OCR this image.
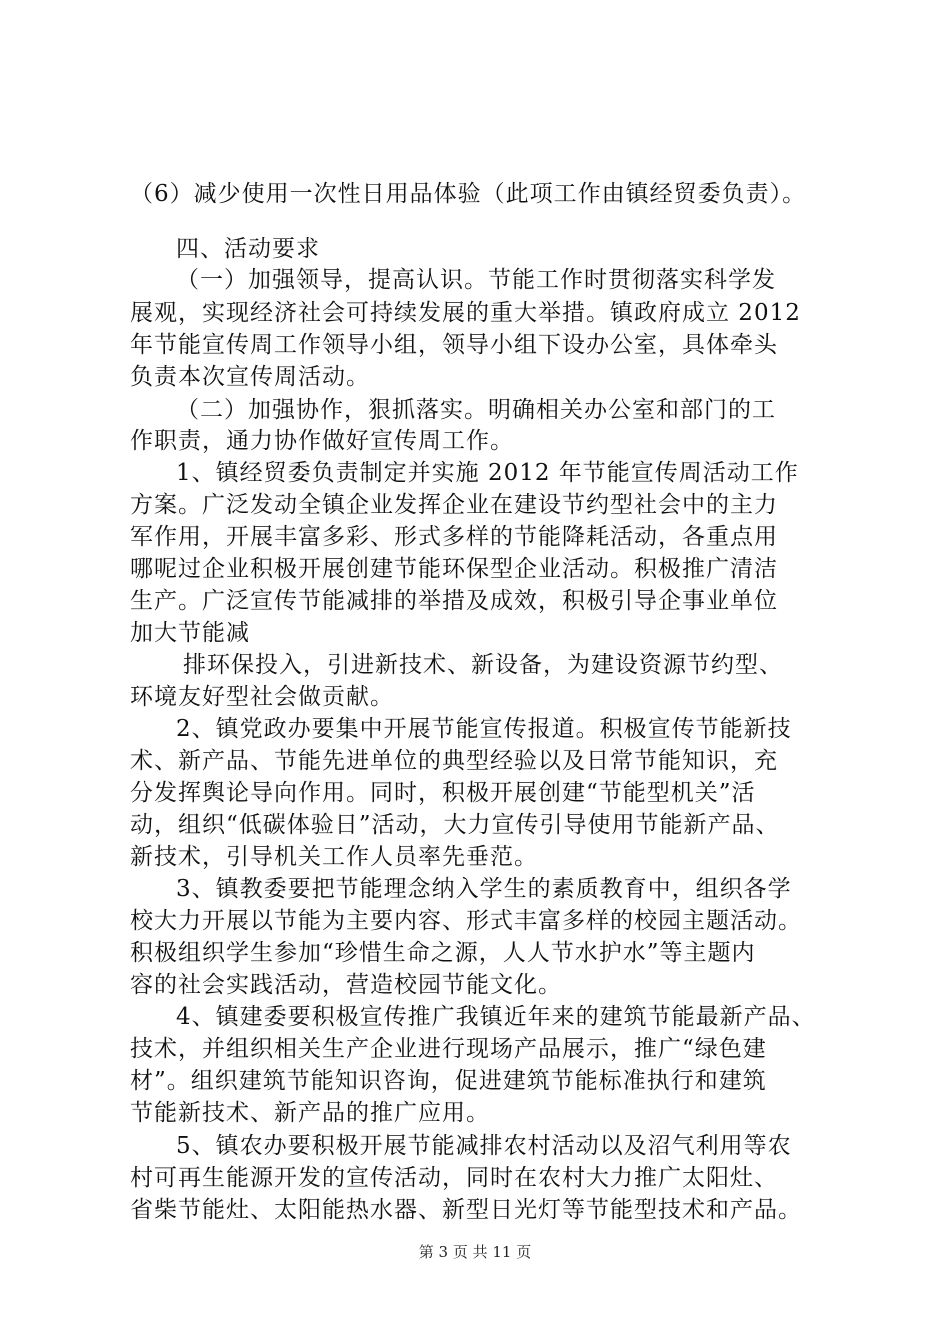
（6）减少使用一次性日用品体验（此项工作由镇经贸委负责）。
四、活动要求
（一）加强领导，提高认识。节能工作时贯彻落实科学发
展观，实现经济社会可持续发展的重大举措。镇政府成立 2012
年节能宣传周工作领导小组，领导小组下设办公室，具体牵头
负责本次宣传周活动。
（二）加强协作，狠抓落实。明确相关办公室和部门的工
作职责，通力协作做好宣传周工作。
1、镇经贸委负责制定并实施 2012 年节能宣传周活动工作
方案。广泛发动全镇企业发挥企业在建设节约型社会中的主力
军作用，开展丰富多彩、形式多样的节能降耗活动，各重点用
哪呢过企业积极开展创建节能环保型企业活动。积极推广清洁
生产。广泛宣传节能减排的举措及成效，积极引导企事业单位
加大节能减
排环保投入，引进新技术、新设备，为建设资源节约型、
环境友好型社会做贡献。
2、镇党政办要集中开展节能宣传报道。积极宣传节能新技
术、新产品、节能先进单位的典型经验以及日常节能知识，充
分发挥舆论导向作用。同时，积极开展创建“节能型机关”活
动，组织“低碳体验日”活动，大力宣传引导使用节能新产品、
新技术，引导机关工作人员率先垂范。
3、镇教委要把节能理念纳入学生的素质教育中，组织各学
校大力开展以节能为主要内容、形式丰富多样的校园主题活动。
积极组织学生参加“珍惜生命之源，人人节水护水”等主题内
容的社会实践活动，营造校园节能文化。
4、镇建委要积极宣传推广我镇近年来的建筑节能最新产品、
技术，并组织相关生产企业进行现场产品展示，推广“绿色建
材”。组织建筑节能知识咨询，促进建筑节能标准执行和建筑
节能新技术、新产品的推广应用。
5、镇农办要积极开展节能减排农村活动以及沼气利用等农
村可再生能源开发的宣传活动，同时在农村大力推广太阳灶、
省柴节能灶、太阳能热水器、新型日光灯等节能型技术和产品。
第 3 页 共 11 页
